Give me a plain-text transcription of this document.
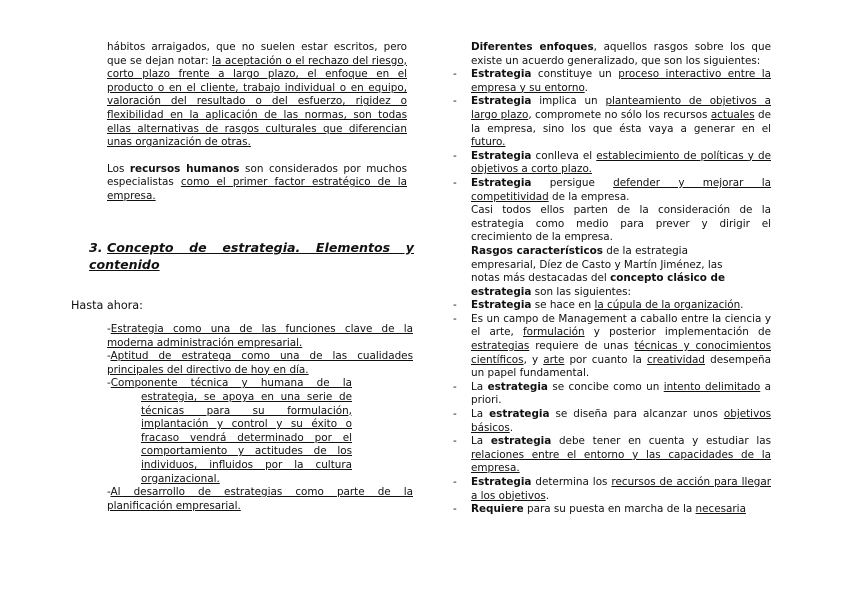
hábitos arraigados, que no suelen estar escritos, pero que se dejan notar: la aceptación o el rechazo del riesgo, corto plazo frente a largo plazo, el enfoque en el producto o en el cliente, trabajo individual o en equipo, valoración del resultado o del esfuerzo, rigidez o flexibilidad en la aplicación de las normas, son todas ellas alternativas de rasgos culturales que diferencian unas organización de otras.

Los recursos humanos son considerados por muchos especialistas como el primer factor estratégico de la empresa.

3. Concepto de estrategia. Elementos y contenido
Hasta ahora:

-Estrategia como una de las funciones clave de la moderna administración empresarial.

-Aptitud de estratega como una de las cualidades principales del directivo de hoy en día.

-Componente técnica y humana de la

estrategia, se apoya en una serie de técnicas para su formulación, implantación y control y su éxito o fracaso vendrá determinado por el comportamiento y actitudes de los individuos, influidos por la cultura organizacional.

-Al desarrollo de estrategias como parte de la planificación empresarial.

Diferentes enfoques, aquellos rasgos sobre los que existe un acuerdo generalizado, que son los siguientes:

- Estrategia constituye un proceso interactivo entre la empresa y su entorno.
- Estrategia implica un planteamiento de objetivos a largo plazo, compromete no sólo los recursos actuales de la empresa, sino los que ésta vaya a generar en el futuro.
- Estrategia conlleva el establecimiento de políticas y de objetivos a corto plazo.
- Estrategia persigue defender y mejorar la competitividad de la empresa.

Casi todos ellos parten de la consideración de la estrategia como medio para prever y dirigir el crecimiento de la empresa.

Rasgos característicos de la estrategia empresarial, Díez de Casto y Martín Jiménez, las notas más destacadas del concepto clásico de estrategia son las siguientes:

- Estrategia se hace en la cúpula de la organización.
- Es un campo de Management a caballo entre la ciencia y el arte, formulación y posterior implementación de estrategias requiere de unas técnicas y conocimientos científicos, y arte por cuanto la creatividad desempeña un papel fundamental.
- La estrategia se concibe como un intento delimitado a priori.
- La estrategia se diseña para alcanzar unos objetivos básicos.
- La estrategia debe tener en cuenta y estudiar las relaciones entre el entorno y las capacidades de la empresa.
- Estrategia determina los recursos de acción para llegar a los objetivos.
- Requiere para su puesta en marcha de la necesaria
